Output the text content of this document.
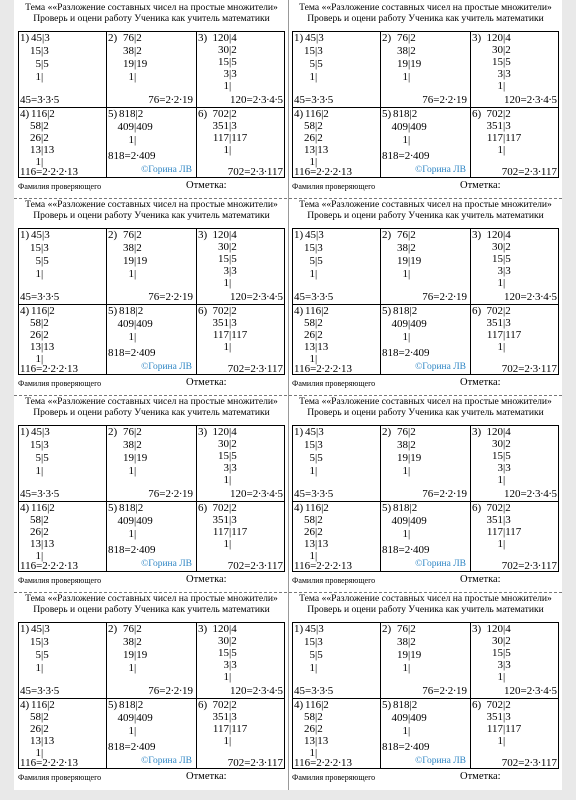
Тема ««Разложение составных чисел на простые множители»
Проверь и оцени работу Ученика как учитель математики
1) 45|3
15|3
5|5
1|
45=3∙3∙5
2) 76|2
38|2
19|19
1|
76=2∙2∙19
3) 120|4
30|2
15|5
3|3
1|
120=2∙3∙4∙5
4) 116|2
58|2
26|2
13|13
1|
116=2∙2∙2∙13
5) 818|2
409|409
1|
818=2∙409
©Горина ЛВ
6) 702|2
351|3
117|117
1|
702=2∙3∙117
Фамилия проверяющего	Отметка:
Тема ««Разложение составных чисел на простые множители»
Проверь и оцени работу Ученика как учитель математики
1) 45|3
15|3
5|5
1|
45=3∙3∙5
2) 76|2
38|2
19|19
1|
76=2∙2∙19
3) 120|4
30|2
15|5
3|3
1|
120=2∙3∙4∙5
4) 116|2
58|2
26|2
13|13
1|
116=2∙2∙2∙13
5) 818|2
409|409
1|
818=2∙409
©Горина ЛВ
6) 702|2
351|3
117|117
1|
702=2∙3∙117
Фамилия проверяющего	Отметка:
Тема ««Разложение составных чисел на простые множители»
Проверь и оцени работу Ученика как учитель математики
1) 45|3
15|3
5|5
1|
45=3∙3∙5
2) 76|2
38|2
19|19
1|
76=2∙2∙19
3) 120|4
30|2
15|5
3|3
1|
120=2∙3∙4∙5
4) 116|2
58|2
26|2
13|13
1|
116=2∙2∙2∙13
5) 818|2
409|409
1|
818=2∙409
©Горина ЛВ
6) 702|2
351|3
117|117
1|
702=2∙3∙117
Фамилия проверяющего	Отметка:
Тема ««Разложение составных чисел на простые множители»
Проверь и оцени работу Ученика как учитель математики
1) 45|3
15|3
5|5
1|
45=3∙3∙5
2) 76|2
38|2
19|19
1|
76=2∙2∙19
3) 120|4
30|2
15|5
3|3
1|
120=2∙3∙4∙5
4) 116|2
58|2
26|2
13|13
1|
116=2∙2∙2∙13
5) 818|2
409|409
1|
818=2∙409
©Горина ЛВ
6) 702|2
351|3
117|117
1|
702=2∙3∙117
Фамилия проверяющего	Отметка:
Тема ««Разложение составных чисел на простые множители»
Проверь и оцени работу Ученика как учитель математики
1) 45|3
15|3
5|5
1|
45=3∙3∙5
2) 76|2
38|2
19|19
1|
76=2∙2∙19
3) 120|4
30|2
15|5
3|3
1|
120=2∙3∙4∙5
4) 116|2
58|2
26|2
13|13
1|
116=2∙2∙2∙13
5) 818|2
409|409
1|
818=2∙409
©Горина ЛВ
6) 702|2
351|3
117|117
1|
702=2∙3∙117
Фамилия проверяющего	Отметка:
Тема ««Разложение составных чисел на простые множители»
Проверь и оцени работу Ученика как учитель математики
1) 45|3
15|3
5|5
1|
45=3∙3∙5
2) 76|2
38|2
19|19
1|
76=2∙2∙19
3) 120|4
30|2
15|5
3|3
1|
120=2∙3∙4∙5
4) 116|2
58|2
26|2
13|13
1|
116=2∙2∙2∙13
5) 818|2
409|409
1|
818=2∙409
©Горина ЛВ
6) 702|2
351|3
117|117
1|
702=2∙3∙117
Фамилия проверяющего	Отметка:
Тема ««Разложение составных чисел на простые множители»
Проверь и оцени работу Ученика как учитель математики
1) 45|3
15|3
5|5
1|
45=3∙3∙5
2) 76|2
38|2
19|19
1|
76=2∙2∙19
3) 120|4
30|2
15|5
3|3
1|
120=2∙3∙4∙5
4) 116|2
58|2
26|2
13|13
1|
116=2∙2∙2∙13
5) 818|2
409|409
1|
818=2∙409
©Горина ЛВ
6) 702|2
351|3
117|117
1|
702=2∙3∙117
Фамилия проверяющего	Отметка:
Тема ««Разложение составных чисел на простые множители»
Проверь и оцени работу Ученика как учитель математики
1) 45|3
15|3
5|5
1|
45=3∙3∙5
2) 76|2
38|2
19|19
1|
76=2∙2∙19
3) 120|4
30|2
15|5
3|3
1|
120=2∙3∙4∙5
4) 116|2
58|2
26|2
13|13
1|
116=2∙2∙2∙13
5) 818|2
409|409
1|
818=2∙409
©Горина ЛВ
6) 702|2
351|3
117|117
1|
702=2∙3∙117
Фамилия проверяющего	Отметка:
